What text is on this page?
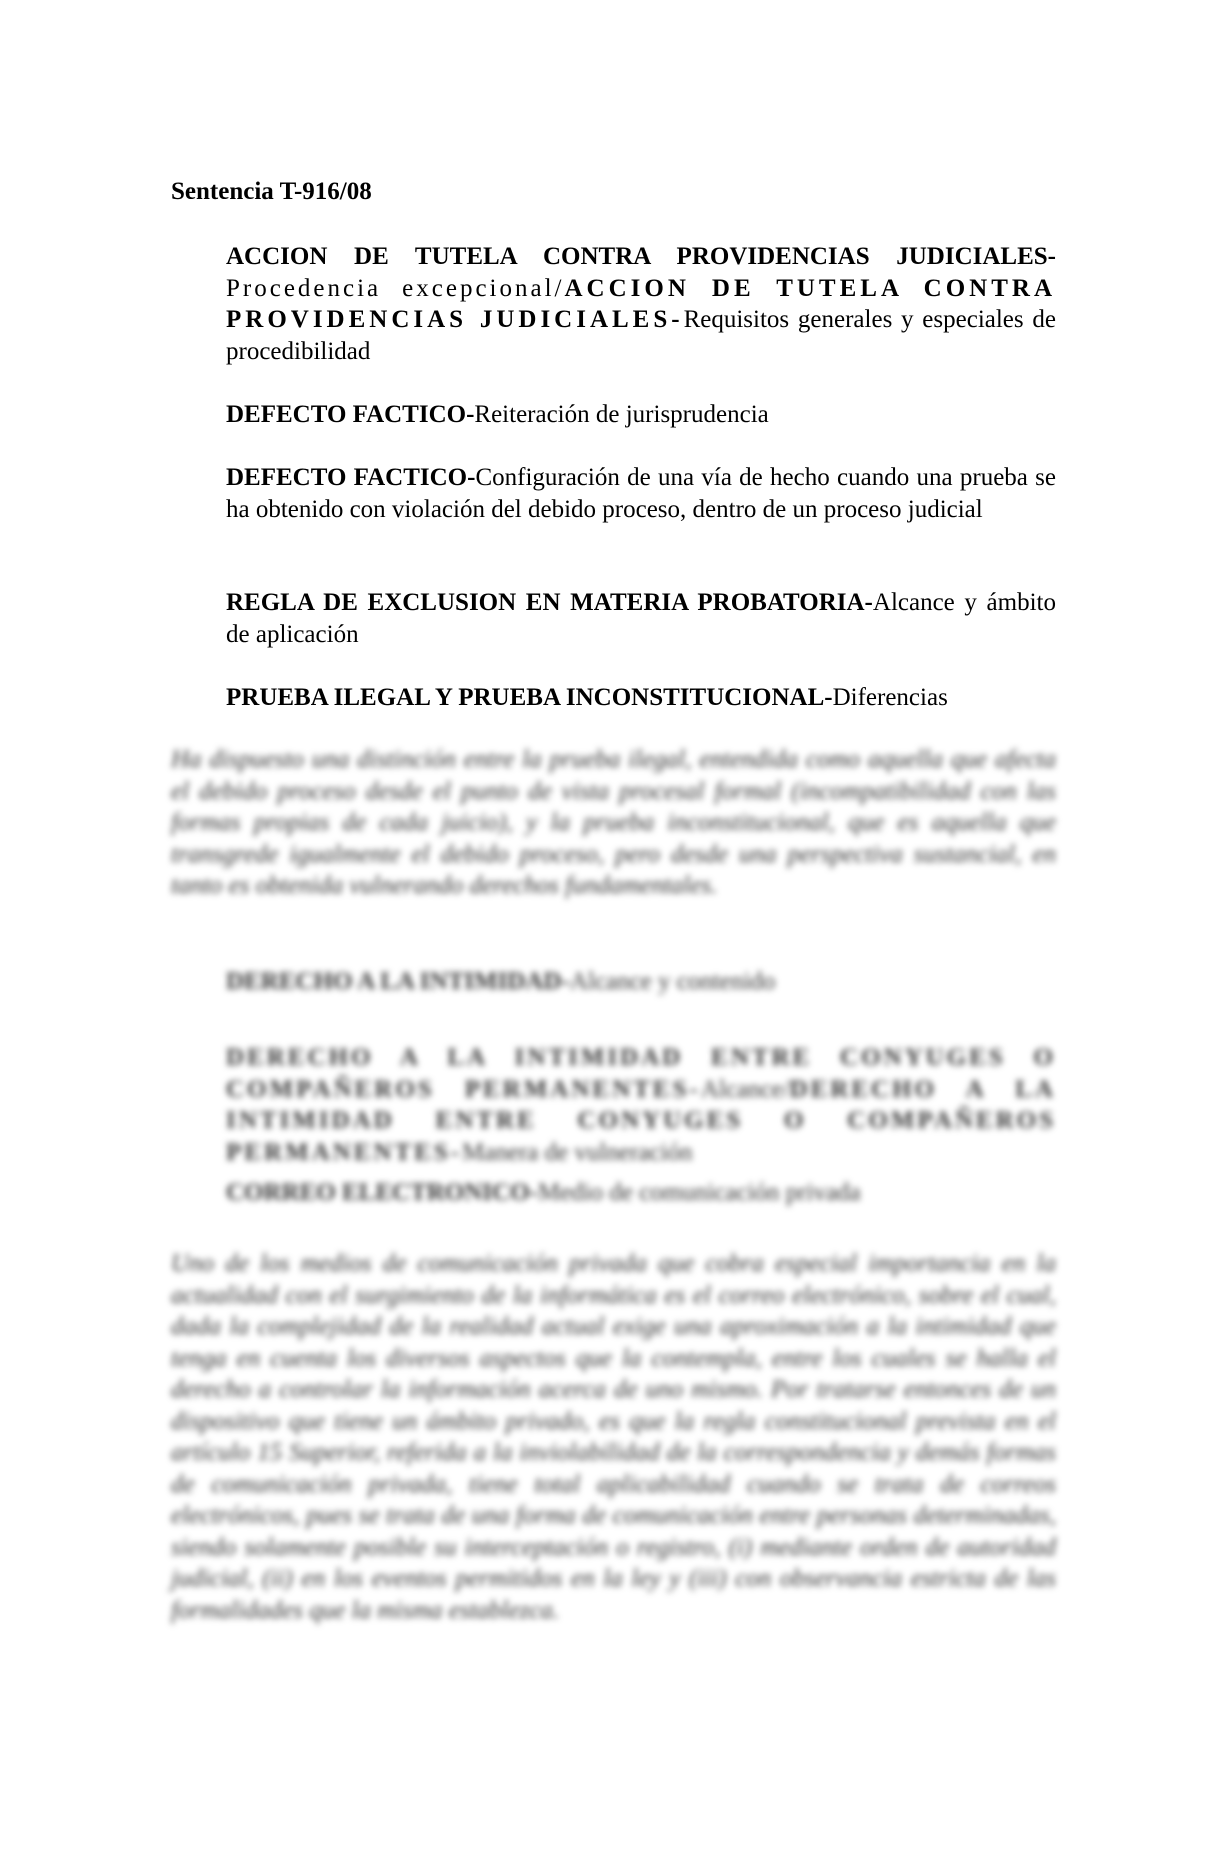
Sentencia T-916/08

ACCION DE TUTELA CONTRA PROVIDENCIAS JUDICIALES-Procedencia excepcional/ACCION DE TUTELA CONTRA PROVIDENCIAS JUDICIALES-Requisitos generales y especiales de procedibilidad

DEFECTO FACTICO-Reiteración de jurisprudencia

DEFECTO FACTICO-Configuración de una vía de hecho cuando una prueba se ha obtenido con violación del debido proceso, dentro de un proceso judicial

REGLA DE EXCLUSION EN MATERIA PROBATORIA-Alcance y ámbito de aplicación

PRUEBA ILEGAL Y PRUEBA INCONSTITUCIONAL-Diferencias

Ha dispuesto una distinción entre la prueba ilegal, entendida como aquella que afecta el debido proceso desde el punto de vista procesal formal (incompatibilidad con las formas propias de cada juicio), y la prueba inconstitucional, que es aquella que transgrede igualmente el debido proceso, pero desde una perspectiva sustancial, en tanto es obtenida vulnerando derechos fundamentales.

DERECHO A LA INTIMIDAD-Alcance y contenido

DERECHO A LA INTIMIDAD ENTRE CONYUGES O COMPAÑEROS PERMANENTES-Alcance/DERECHO A LA INTIMIDAD ENTRE CONYUGES O COMPAÑEROS PERMANENTES-Manera de vulneración

CORREO ELECTRONICO-Medio de comunicación privada

Uno de los medios de comunicación privada que cobra especial importancia en la actualidad con el surgimiento de la informática es el correo electrónico, sobre el cual, dada la complejidad de la realidad actual exige una aproximación a la intimidad que tenga en cuenta los diversos aspectos que la contempla, entre los cuales se halla el derecho a controlar la información acerca de uno mismo. Por tratarse entonces de un dispositivo que tiene un ámbito privado, es que la regla constitucional prevista en el artículo 15 Superior, referida a la inviolabilidad de la correspondencia y demás formas de comunicación privada, tiene total aplicabilidad cuando se trata de correos electrónicos, pues se trata de una forma de comunicación entre personas determinadas, siendo solamente posible su interceptación o registro, (i) mediante orden de autoridad judicial, (ii) en los eventos permitidos en la ley y (iii) con observancia estricta de las formalidades que la misma establezca.
